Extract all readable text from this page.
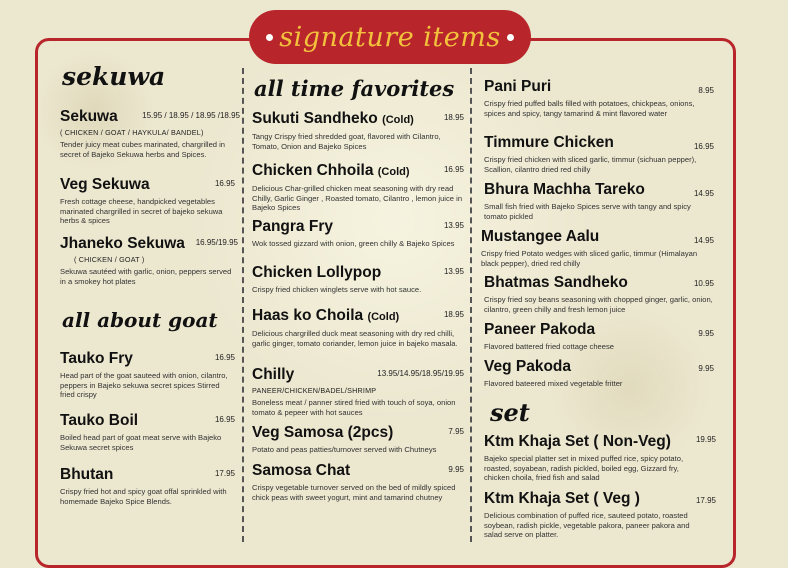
signature items
sekuwa
Sekuwa	15.95 / 18.95 / 18.95 /18.95
( CHICKEN / GOAT / HAYKULA/ BANDEL)
Tender juicy meat cubes marinated, chargrilled in secret of Bajeko Sekuwa herbs and Spices.
Veg Sekuwa	16.95
Fresh cottage cheese, handpicked vegetables marinated chargrilled in secret of bajeko sekuwa herbs & spices
Jhaneko Sekuwa	16.95/19.95
( CHICKEN / GOAT )
Sekuwa sautéed with garlic, onion, peppers served in a smokey hot plates
all about goat
Tauko Fry	16.95
Head part of the goat sauteed with onion, cilantro, peppers in Bajeko sekuwa secret spices Stirred fried crispy
Tauko Boil	16.95
Boiled head part of goat meat serve with Bajeko Sekuwa secret spices
Bhutan	17.95
Crispy fried hot and spicy goat offal sprinkled with homemade Bajeko Spice Blends.
all time favorites
Sukuti Sandheko (Cold)	18.95
Tangy Crispy fried shredded goat, flavored with Cilantro, Tomato, Onion and Bajeko Spices
Chicken Chhoila (Cold)	16.95
Delicious Char-grilled chicken meat seasoning with dry read Chilly, Garlic Ginger , Roasted tomato, Cilantro , lemon juice in Bajeko Spices
Pangra Fry	13.95
Wok tossed gizzard with onion, green chilly & Bajeko Spices
Chicken Lollypop	13.95
Crispy fried chicken winglets serve with hot sauce.
Haas ko Choila (Cold)	18.95
Delicious chargrilled duck meat seasoning with dry red chilli, garlic ginger, tomato coriander, lemon juice in bajeko masala.
Chilly	13.95/14.95/18.95/19.95
PANEER/CHICKEN/BADEL/SHRIMP
Boneless meat / panner stired fried with touch of soya, onion tomato & pepeer with hot sauces
Veg Samosa (2pcs)	7.95
Potato and peas patties/turnover served with Chutneys
Samosa Chat	9.95
Crispy vegetable turnover served on the bed of mildly spiced chick peas with sweet yogurt, mint and tamarind chutney
Pani Puri	8.95
Crispy fried puffed balls filled with potatoes, chickpeas, onions, spices and spicy, tangy tamarind & mint flavored water
Timmure Chicken	16.95
Crispy fried chicken with sliced garlic, timmur (sichuan pepper), Scallion, cilantro dried red chilly
Bhura Machha Tareko	14.95
Small fish fried with Bajeko Spices serve with tangy and spicy tomato pickled
Mustangee Aalu	14.95
Crispy fried Potato wedges with sliced garlic, timmur (Himalayan black pepper), dried red chilly
Bhatmas Sandheko	10.95
Crispy fried soy beans seasoning with chopped ginger, garlic, onion, cilantro, green chilly and fresh lemon juice
Paneer Pakoda	9.95
Flavored battered fried cottage cheese
Veg Pakoda	9.95
Flavored bateered mixed vegetable fritter
set
Ktm Khaja Set ( Non-Veg)	19.95
Bajeko special platter set in mixed puffed rice, spicy potato, roasted, soyabean, radish pickled, boiled egg, Gizzard fry, chicken choila, fried fish and salad
Ktm Khaja Set ( Veg )	17.95
Delicious combination of puffed rice, sauteed potato, roasted soybean, radish pickle, vegetable pakora, paneer pakora and salad serve on platter.
